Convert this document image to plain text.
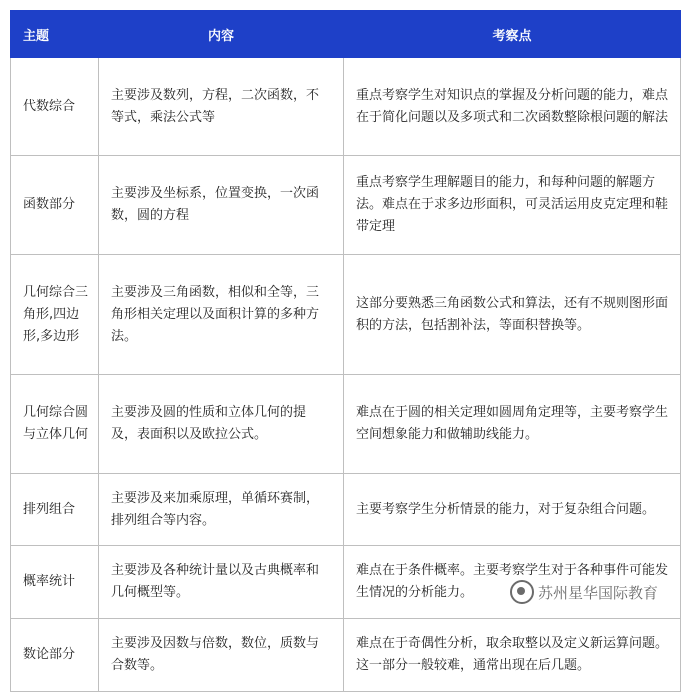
主题	内容	考察点
代数综合	主要涉及数列，方程，二次函数，不等式，乘法公式等	重点考察学生对知识点的掌握及分析问题的能力，难点在于简化问题以及多项式和二次函数整除根问题的解法
函数部分	主要涉及坐标系，位置变换，一次函数，圆的方程	重点考察学生理解题目的能力，和每种问题的解题方法。难点在于求多边形面积，可灵活运用皮克定理和鞋带定理
几何综合三角形,四边形,多边形	主要涉及三角函数，相似和全等，三角形相关定理以及面积计算的多种方法。	这部分要熟悉三角函数公式和算法，还有不规则图形面积的方法，包括割补法，等面积替换等。
几何综合圆与立体几何	主要涉及圆的性质和立体几何的提及，表面积以及欧拉公式。	难点在于圆的相关定理如圆周角定理等，主要考察学生空间想象能力和做辅助线能力。
排列组合	主要涉及来加乘原理，单循环赛制，排列组合等内容。	主要考察学生分析情景的能力，对于复杂组合问题。
概率统计	主要涉及各种统计量以及古典概率和几何概型等。	难点在于条件概率。主要考察学生对于各种事件可能发生情况的分析能力。
数论部分	主要涉及因数与倍数，数位，质数与合数等。	难点在于奇偶性分析，取余取整以及定义新运算问题。这一部分一般较难，通常出现在后几题。
苏州星华国际教育
